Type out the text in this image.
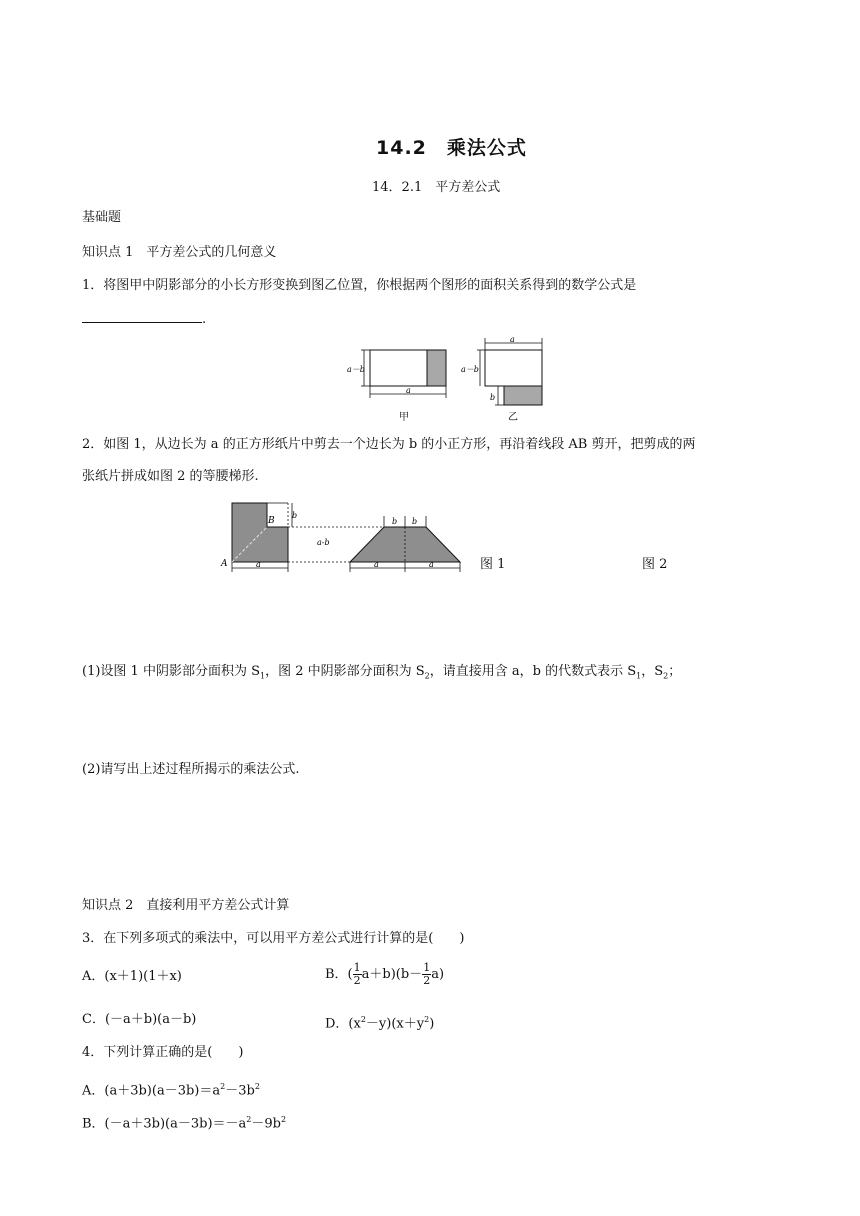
14.2　乘法公式
14．2.1　平方差公式
基础题
知识点 1　平方差公式的几何意义
1．将图甲中阴影部分的小长方形变换到图乙位置，你根据两个图形的面积关系得到的数学公式是
.
a－b
a
甲
a
a－b
b
乙
2．如图 1，从边长为 a 的正方形纸片中剪去一个边长为 b 的小正方形，再沿着线段 AB 剪开，把剪成的两
张纸片拼成如图 2 的等腰梯形.
b
B
A	a
a-b
b b
a	a	图 1	图 2
(1)设图 1 中阴影部分面积为 $S_1$，图 2 中阴影部分面积为 $S_2$，请直接用含 a，b 的代数式表示 $S_1$，$S_2$；
(2)请写出上述过程所揭示的乘法公式.
知识点 2　直接利用平方差公式计算
3．在下列多项式的乘法中，可以用平方差公式进行计算的是(　　)
A．(x＋1)(1＋x)	B．( $\frac{1}{2} a+b)(b- \frac{1}{2} a)$
C．(－a＋b)(a－b)	D．$(x^2-y)(x+y^2)$
4．下列计算正确的是(　　)
A．$(a+3b)(a-3b)=a^2-3b^2$
B．$(-a+3b)(a-3b)=-a^2-9b^2$
